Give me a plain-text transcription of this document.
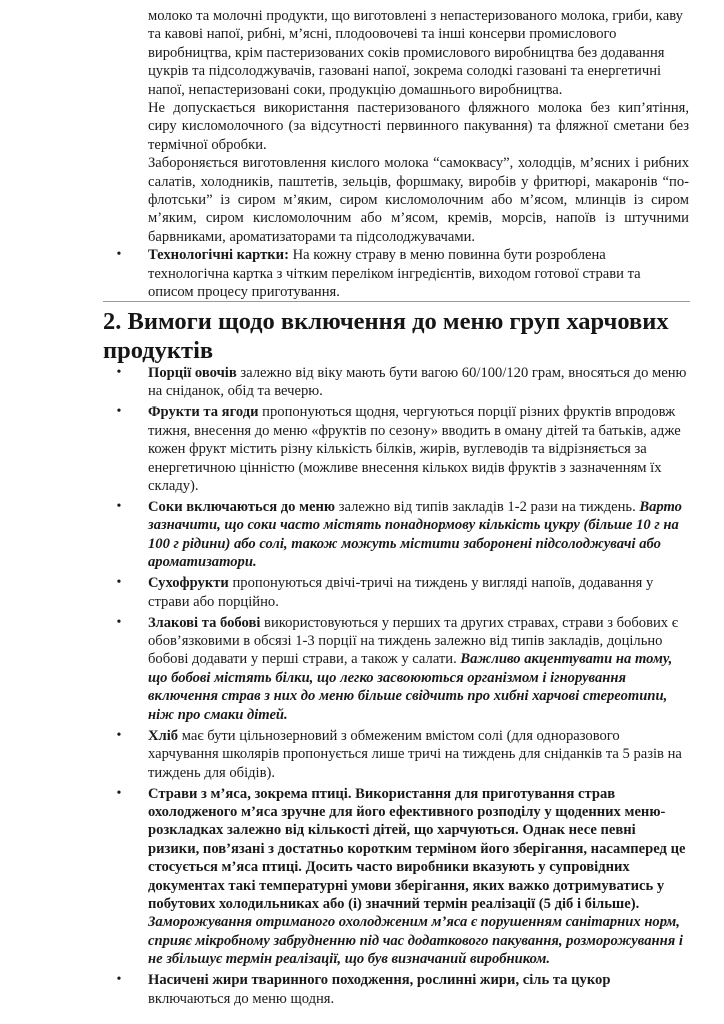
молоко та молочні продукти, що виготовлені з непастеризованого молока, гриби, каву та кавові напої, рибні, м’ясні, плодоовочеві та інші консерви промислового виробництва, крім пастеризованих соків промислового виробництва без додавання цукрів та підсолоджувачів, газовані напої, зокрема солодкі газовані та енергетичні напої, непастеризовані соки, продукцію домашнього виробництва.

Не допускається використання пастеризованого фляжного молока без кип’ятіння, сиру кисломолочного (за відсутності первинного пакування) та фляжної сметани без термічної обробки.

Забороняється виготовлення кислого молока “самоквасу”, холодців, м’ясних і рибних салатів, холодників, паштетів, зельців, форшмаку, виробів у фритюрі, макаронів “по-флотськи” із сиром м’яким, сиром кисломолочним або м’ясом, млинців із сиром м’яким, сиром кисломолочним або м’ясом, кремів, морсів, напоїв із штучними барвниками, ароматизаторами та підсолоджувачами.

• Технологічні картки: На кожну страву в меню повинна бути розроблена технологічна картка з чітким переліком інгредієнтів, виходом готової страви та описом процесу приготування.
2. Вимоги щодо включення до меню груп харчових продуктів
• Порції овочів залежно від віку мають бути вагою 60/100/120 грам, вносяться до меню на сніданок, обід та вечерю.
• Фрукти та ягоди пропонуються щодня, чергуються порції різних фруктів впродовж тижня, внесення до меню «фруктів по сезону» вводить в оману дітей та батьків, адже кожен фрукт містить різну кількість білків, жирів, вуглеводів та відрізняється за енергетичною цінністю (можливе внесення кількох видів фруктів з зазначенням їх складу).
• Соки включаються до меню залежно від типів закладів 1-2 рази на тиждень. Варто зазначити, що соки часто містять понаднормову кількість цукру (більше 10 г на 100 г рідини) або солі, також можуть містити заборонені підсолоджувачі або ароматизатори.
• Сухофрукти пропонуються двічі-тричі на тиждень у вигляді напоїв, додавання у страви або порційно.
• Злакові та бобові використовуються у перших та других стравах, страви з бобових є обов’язковими в обсязі 1-3 порції на тиждень залежно від типів закладів, доцільно бобові додавати у перші страви, а також у салати. Важливо акцентувати на тому, що бобові містять білки, що легко засвоюються організмом і ігнорування включення страв з них до меню більше свідчить про хибні харчові стереотипи, ніж про смаки дітей.
• Хліб має бути цільнозерновий з обмеженим вмістом солі (для одноразового харчування школярів пропонується лише тричі на тиждень для сніданків та 5 разів на тиждень для обідів).
• Страви з м’яса, зокрема птиці. Використання для приготування страв охолодженого м’яса зручне для його ефективного розподілу у щоденних меню-розкладках залежно від кількості дітей, що харчуються. Однак несе певні ризики, пов’язані з достатньо коротким терміном його зберігання, насамперед це стосується м’яса птиці. Досить часто виробники вказують у супровідних документах такі температурні умови зберігання, яких важко дотримуватись у побутових холодильниках або (і) значний термін реалізації (5 діб і більше). Заморожування отриманого охолодженим м’яса є порушенням санітарних норм, сприяє мікробному забрудненню під час додаткового пакування, розморожування і не збільшує термін реалізації, що був визначаний виробником.
• Насичені жири тваринного походження, рослинні жири, сіль та цукор включаються до меню щодня.
